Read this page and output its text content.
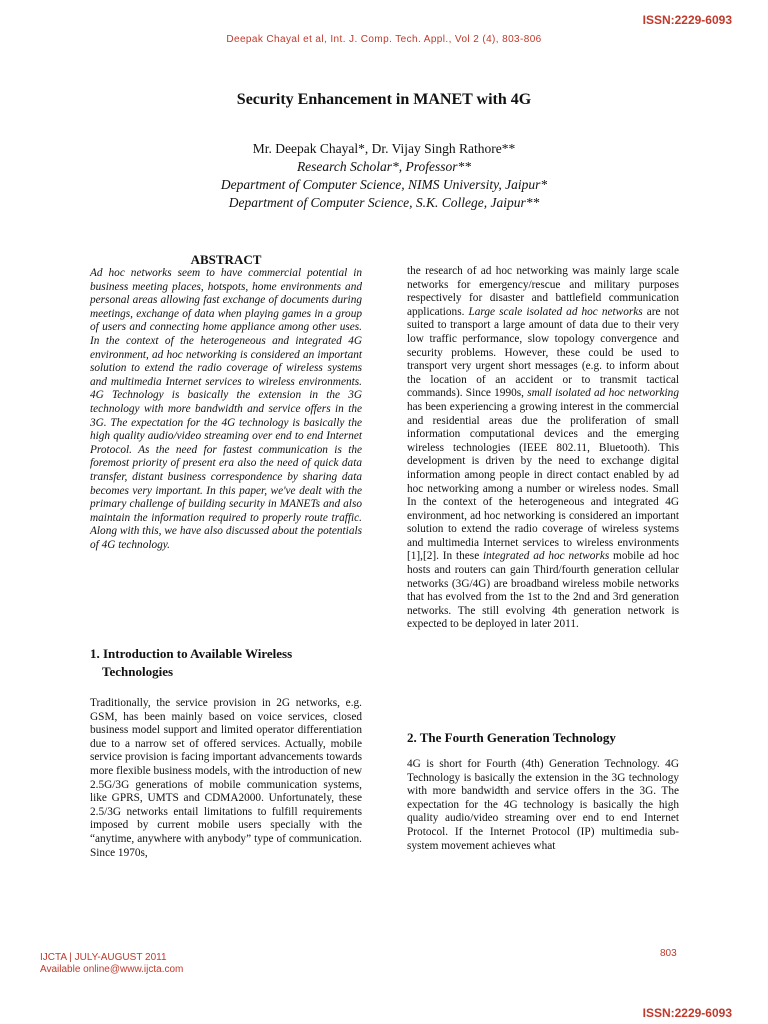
ISSN:2229-6093
Deepak Chayal et al, Int. J. Comp. Tech. Appl., Vol 2 (4), 803-806
Security Enhancement in MANET with 4G
Mr. Deepak Chayal*, Dr. Vijay Singh Rathore**
Research Scholar*, Professor**
Department of Computer Science, NIMS University, Jaipur*
Department of Computer Science, S.K. College, Jaipur**
ABSTRACT
Ad hoc networks seem to have commercial potential in business meeting places, hotspots, home environments and personal areas allowing fast exchange of documents during meetings, exchange of data when playing games in a group of users and connecting home appliance among other uses. In the context of the heterogeneous and integrated 4G environment, ad hoc networking is considered an important solution to extend the radio coverage of wireless systems and multimedia Internet services to wireless environments. 4G Technology is basically the extension in the 3G technology with more bandwidth and service offers in the 3G. The expectation for the 4G technology is basically the high quality audio/video streaming over end to end Internet Protocol. As the need for fastest communication is the foremost priority of present era also the need of quick data transfer, distant business correspondence by sharing data becomes very important. In this paper, we've dealt with the primary challenge of building security in MANETs and also maintain the information required to properly route traffic. Along with this, we have also discussed about the potentials of 4G technology.
1. Introduction to Available Wireless
Technologies
Traditionally, the service provision in 2G networks, e.g. GSM, has been mainly based on voice services, closed business model support and limited operator differentiation due to a narrow set of offered services. Actually, mobile service provision is facing important advancements towards more flexible business models, with the introduction of new 2.5G/3G generations of mobile communication systems, like GPRS, UMTS and CDMA2000. Unfortunately, these 2.5/3G networks entail limitations to fulfill requirements imposed by current mobile users specially with the “anytime, anywhere with anybody” type of communication. Since 1970s,
the research of ad hoc networking was mainly large scale networks for emergency/rescue and military purposes respectively for disaster and battlefield communication applications. Large scale isolated ad hoc networks are not suited to transport a large amount of data due to their very low traffic performance, slow topology convergence and security problems. However, these could be used to transport very urgent short messages (e.g. to inform about the location of an accident or to transmit tactical commands). Since 1990s, small isolated ad hoc networking has been experiencing a growing interest in the commercial and residential areas due the proliferation of small information computational devices and the emerging wireless technologies (IEEE 802.11, Bluetooth). This development is driven by the need to exchange digital information among people in direct contact enabled by ad hoc networking among a number or wireless nodes. Small In the context of the heterogeneous and integrated 4G environment, ad hoc networking is considered an important solution to extend the radio coverage of wireless systems and multimedia Internet services to wireless environments [1],[2]. In these integrated ad hoc networks mobile ad hoc hosts and routers can gain Third/fourth generation cellular networks (3G/4G) are broadband wireless mobile networks that has evolved from the 1st to the 2nd and 3rd generation networks. The still evolving 4th generation network is expected to be deployed in later 2011.
2. The Fourth Generation Technology
4G is short for Fourth (4th) Generation Technology. 4G Technology is basically the extension in the 3G technology with more bandwidth and service offers in the 3G. The expectation for the 4G technology is basically the high quality audio/video streaming over end to end Internet Protocol. If the Internet Protocol (IP) multimedia sub-system movement achieves what
IJCTA | JULY-AUGUST 2011
Available online@www.ijcta.com
803
ISSN:2229-6093
